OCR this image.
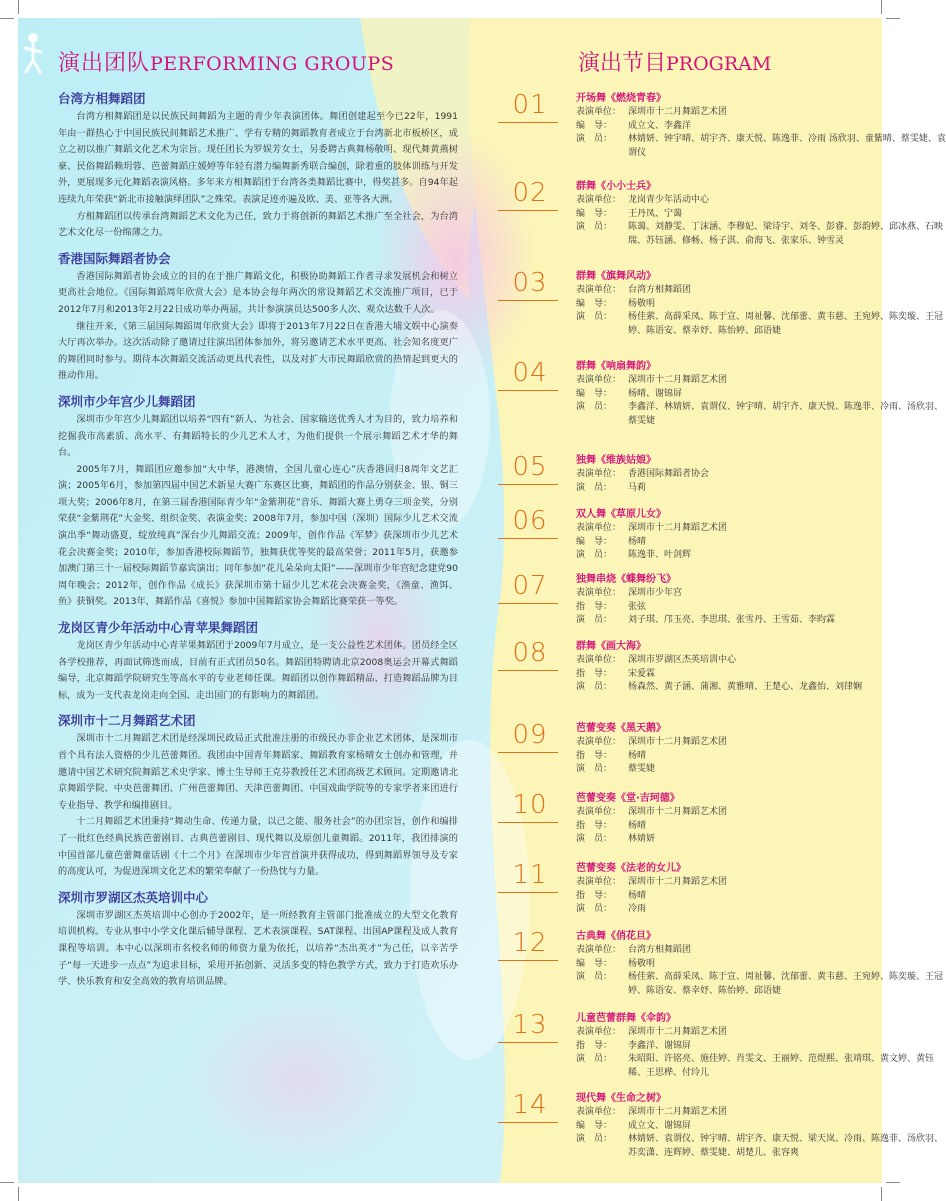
演出团队PERFORMING GROUPS
台湾方相舞蹈团

台湾方相舞蹈团是以民族民间舞蹈为主题的青少年表演团体。舞团创建起至今已22年，1991年由一群热心于中国民族民间舞蹈艺术推广、学有专精的舞蹈教育者成立于台湾新北市板桥区，成立之初以推广舞蹈文化艺术为宗旨。现任团长为罗娱芳女士，另委聘古典舞杨敬明、现代舞黄燕树豪、民俗舞蹈赖玥蓉、芭蕾舞蹈庄媛婷等年轻有潜力编舞新秀联合编创，除着重的肢体训练与开发外，更展现多元化舞蹈表演风格。多年来方相舞蹈团于台湾各类舞蹈比赛中，得奖甚多。自94年起连续九年荣获“新北市接触演绎团队”之殊荣。表演足迹亦遍及欧、美、亚等各大洲。

方相舞蹈团以传承台湾舞蹈艺术文化为己任，致力于将创新的舞蹈艺术推广至全社会，为台湾艺术文化尽一份绵薄之力。

香港国际舞蹈者协会

香港国际舞蹈者协会成立的目的在于推广舞蹈文化，积极协助舞蹈工作者寻求发展机会和树立更高社会地位。《国际舞蹈周年欣赏大会》是本协会每年两次的常设舞蹈艺术交流推广项目，已于2012年7月和2013年2月22日成功举办两届，共计参演演员达500多人次、观众达数千人次。

继往开来，《第三届国际舞蹈周年欣赏大会》即将于2013年7月22日在香港大埔文娱中心演奏大厅再次举办。这次活动除了邀请过往演出团体参加外，将另邀请艺术水平更高、社会知名度更广的舞团同时参与。期待本次舞蹈交流活动更具代表性，以及对扩大市民舞蹈欣赏的热情起到更大的推动作用。

深圳市少年宫少儿舞蹈团

深圳市少年宫少儿舞蹈团以培养“四有”新人、为社会、国家输送优秀人才为目的，致力培养和挖掘我市高素质、高水平、有舞蹈特长的少儿艺术人才，为他们提供一个展示舞蹈艺术才华的舞台。

2005年7月，舞蹈团应邀参加“大中华，港澳情，全国儿童心连心”庆香港回归8周年文艺汇演；2005年6月，参加第四届中国艺术新星大赛广东赛区比赛，舞蹈团的作品分别获金、银、铜三项大奖；2006年8月，在第三届香港国际青少年“金紫荆花”音乐、舞蹈大赛上勇夺三项金奖，分别荣获“金紫荆花”大金奖、组织金奖、表演金奖；2008年7月，参加中国（深圳）国际少儿艺术交流演出季“舞动盛夏，绽放纯真”深台少儿舞蹈交流；2009年，创作作品《军梦》获深圳市少儿艺术花会决赛金奖；2010年，参加香港校际舞蹈节，独舞获优等奖的最高荣誉；2011年5月，获邀参加澳门第三十一届校际舞蹈节嘉宾演出；同年参加“花儿朵朵向太阳”——深圳市少年宫纪念建党90周年晚会；2012年，创作作品《成长》获深圳市第十届少儿艺术花会决赛金奖，《渔童、渔饵、鱼》获铜奖。2013年，舞蹈作品《喜悦》参加中国舞蹈家协会舞蹈比赛荣获一等奖。

龙岗区青少年活动中心青苹果舞蹈团

龙岗区青少年活动中心青苹果舞蹈团于2009年7月成立，是一支公益性艺术团体。团员经全区各学校推荐，再面试筛选而成，目前有正式团员50名。舞蹈团特聘请北京2008奥运会开幕式舞蹈编导，北京舞蹈学院研究生等高水平的专业老师任课。舞蹈团以创作舞蹈精品、打造舞蹈品牌为目标，成为一支代表龙岗走向全国、走出国门的有影响力的舞蹈团。

深圳市十二月舞蹈艺术团

深圳市十二月舞蹈艺术团是经深圳民政局正式批准注册的市级民办非企业艺术团体，是深圳市首个具有法人资格的少儿芭蕾舞团。我团由中国青年舞蹈家、舞蹈教育家杨晴女士创办和管理，并邀请中国艺术研究院舞蹈艺术史学家、博士生导师王克芬教授任艺术团高级艺术顾问。定期邀请北京舞蹈学院、中央芭蕾舞团、广州芭蕾舞团、天津芭蕾舞团、中国戏曲学院等的专家学者来团进行专业指导、教学和编排剧目。

十二月舞蹈艺术团秉持“舞动生命、传递力量，以己之能、服务社会”的办团宗旨，创作和编排了一批红色经典民族芭蕾剧目、古典芭蕾剧目、现代舞以及原创儿童舞蹈。2011年，我团排演的中国首部儿童芭蕾舞童话剧《十二个月》在深圳市少年宫首演并获得成功，得到舞蹈界领导及专家的高度认可，为促进深圳文化艺术的繁荣奉献了一份热忱与力量。

深圳市罗湖区杰英培训中心

深圳市罗湖区杰英培训中心创办于2002年，是一所经教育主管部门批准成立的大型文化教育培训机构。专业从事中小学文化课后辅导课程、艺术表演课程、SAT课程、出国AP课程及成人教育课程等培训。本中心以深圳市名校名师的师资力量为依托，以培养“杰出英才”为己任，以辛苦学子“每一天进步一点点”为追求目标，采用开拓创新、灵活多变的特色教学方式，致力于打造欢乐办学、快乐教育和安全高效的教育培训品牌。

演出节目PROGRAM
01	开场舞《燃烧青春》
表演单位： 深圳市十二月舞蹈艺术团
编　导：	成立文、李鑫洋
演　员：	林婧妍、钟宇晴、胡宇齐、康天悦、陈逸菲、冷雨 汤欣羽、童紫晴、蔡雯婕、袁谓仪
02	群舞《小小士兵》
表演单位： 龙岗青少年活动中心
编　导：	王丹凤、宁蔼
演　员：	陈蔼、刘静雯、丁沫涵、李穆妃、梁诗宇、刘冬、彭睿、彭韵婷、邱冰燕、石映瑞、苏钰涵、修畅、杨子淇、俞海飞、张家乐、钟雪灵
03	群舞《旗舞风动》
表演单位： 台湾方相舞蹈团
编　导：	杨敬明
演　员：	杨佳萦、高薛采凤、陈于宣、周祉馨、沈郁蕾、黄韦慈、王宛婷、陈奕璇、王冠婷、陈语安、蔡幸妤、陈怡婷、邱语婕
04	群舞《响扇舞韵》
表演单位： 深圳市十二月舞蹈艺术团
编　导：	杨晴、谢锦屏
演　员：	李鑫洋、林婧妍、袁谓仪、钟宇晴、胡宇齐、康天悦、陈逸菲、冷雨、汤欣羽、蔡雯婕
05	独舞《维族姑娘》
表演单位： 香港国际舞蹈者协会
演　员：	马莉
06	双人舞《草原儿女》
表演单位： 深圳市十二月舞蹈艺术团
编　导：	杨晴
演　员：	陈逸菲、叶剑辉
07	独舞串烧《蝶舞纷飞》
表演单位： 深圳市少年宫
指　导：	张弦
演　员：	刘子琪、邝玉亮、李思琪、张雪丹、王雪茹、李昀霖
08	群舞《画大海》
表演单位： 深圳市罗湖区杰英培训中心
指　导：	宋爱霖
演　员：	杨森然、黄子涵、蒲湘、黄雅晴、王楚心、龙鑫怡、刘律娴
09	芭蕾变奏《黑天鹅》
表演单位： 深圳市十二月舞蹈艺术团
指　导：	杨晴
演　员：	蔡雯婕
10	芭蕾变奏《堂·吉珂德》
表演单位： 深圳市十二月舞蹈艺术团
指　导：	杨晴
演　员：	林婧妍
11	芭蕾变奏《法老的女儿》
表演单位： 深圳市十二月舞蹈艺术团
指　导：	杨晴
演　员：	冷雨
12	古典舞《俏花旦》
表演单位： 台湾方相舞蹈团
编　导：	杨敬明
演　员：	杨佳萦、高薛采凤、陈于宣、周祉馨、沈郁蕾、黄韦慈、王宛婷、陈奕璇、王冠婷、陈语安、蔡幸妤、陈怡婷、邱语婕
13	儿童芭蕾群舞《伞韵》
表演单位： 深圳市十二月舞蹈艺术团
指　导：	李鑫洋、谢锦屏
演　员：	朱昭阳、许铭亮、施佳婷、肖雯文、王丽婷、范煜熙、张靖琪、黄文婷、黄钰稀、王思桦、付玲儿
14	现代舞《生命之树》
表演单位： 深圳市十二月舞蹈艺术团
编　导：	成立文、谢锦屏
演　员：	林婧妍、袁谓仪、钟宇晴、胡宇齐、康天悦、梁天岚、冷雨、陈逸菲、汤欣羽、苏奕潇、连辉婷、蔡雯婕、胡楚儿、张容爽
